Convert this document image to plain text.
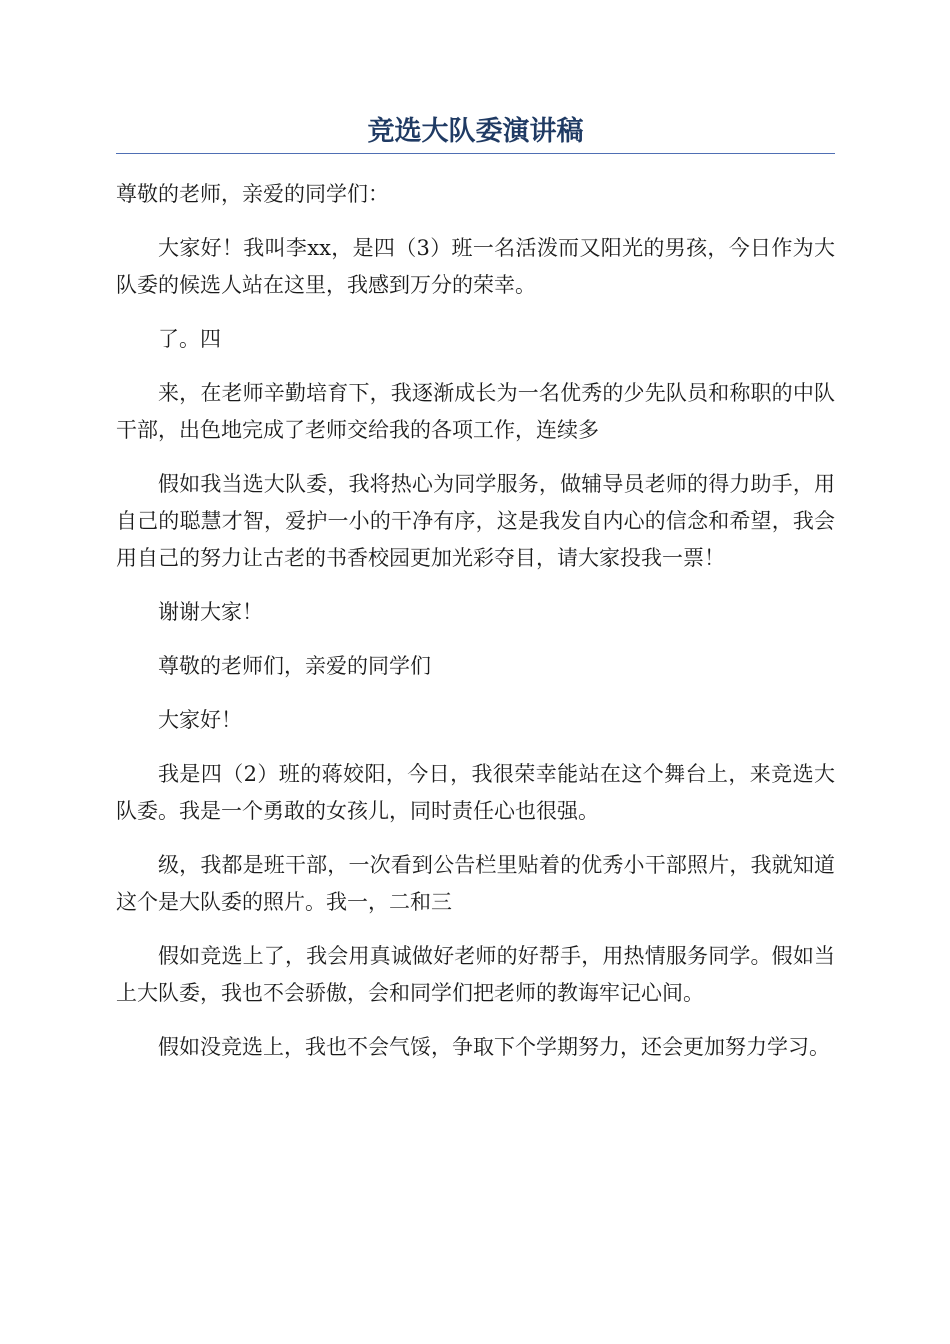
竞选大队委演讲稿

尊敬的老师，亲爱的同学们：

大家好！我叫李xx，是四（3）班一名活泼而又阳光的男孩，今日作为大队委的候选人站在这里，我感到万分的荣幸。

了。四

来，在老师辛勤培育下，我逐渐成长为一名优秀的少先队员和称职的中队干部，出色地完成了老师交给我的各项工作，连续多

假如我当选大队委，我将热心为同学服务，做辅导员老师的得力助手，用自己的聪慧才智，爱护一小的干净有序，这是我发自内心的信念和希望，我会用自己的努力让古老的书香校园更加光彩夺目，请大家投我一票！

谢谢大家！

尊敬的老师们，亲爱的同学们

大家好！

我是四（2）班的蒋姣阳，今日，我很荣幸能站在这个舞台上，来竞选大队委。我是一个勇敢的女孩儿，同时责任心也很强。

级，我都是班干部，一次看到公告栏里贴着的优秀小干部照片，我就知道这个是大队委的照片。我一，二和三

假如竞选上了，我会用真诚做好老师的好帮手，用热情服务同学。假如当上大队委，我也不会骄傲，会和同学们把老师的教诲牢记心间。

假如没竞选上，我也不会气馁，争取下个学期努力，还会更加努力学习。
